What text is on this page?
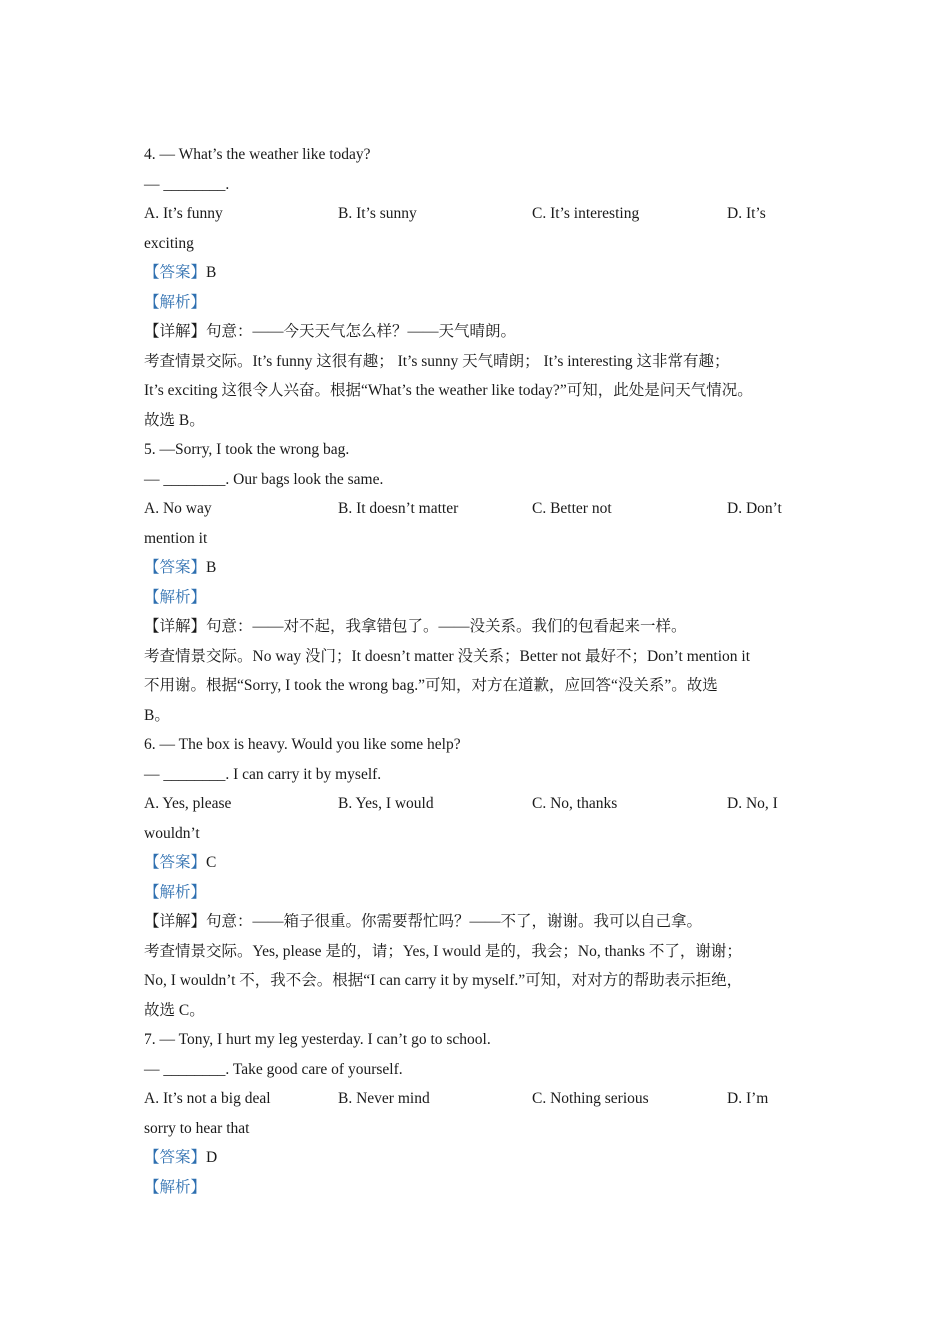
4. — What’s the weather like today?
— ________.
A. It’s funny	B. It’s sunny	C. It’s interesting	D. It’s
exciting
【答案】B
【解析】
【详解】句意：——今天天气怎么样？——天气晴朗。
考查情景交际。It’s funny 这很有趣； It’s sunny 天气晴朗； It’s interesting 这非常有趣；
It’s exciting 这很令人兴奋。根据“What’s the weather like today?”可知，此处是问天气情况。
故选 B。
5. —Sorry, I took the wrong bag.
— ________. Our bags look the same.
A. No way	B. It doesn’t matter	C. Better not	D. Don’t
mention it
【答案】B
【解析】
【详解】句意：——对不起，我拿错包了。——没关系。我们的包看起来一样。
考查情景交际。No way 没门；It doesn’t matter 没关系；Better not 最好不；Don’t mention it
不用谢。根据“Sorry, I took the wrong bag.”可知，对方在道歉，应回答“没关系”。故选
B。
6. — The box is heavy. Would you like some help?
— ________. I can carry it by myself.
A. Yes, please	B. Yes, I would	C. No, thanks	D. No, I
wouldn’t
【答案】C
【解析】
【详解】句意：——箱子很重。你需要帮忙吗？——不了，谢谢。我可以自己拿。
考查情景交际。Yes, please 是的，请；Yes, I would 是的，我会；No, thanks 不了，谢谢；
No, I wouldn’t 不，我不会。根据“I can carry it by myself.”可知，对对方的帮助表示拒绝，
故选 C。
7. — Tony, I hurt my leg yesterday. I can’t go to school.
— ________. Take good care of yourself.
A. It’s not a big deal	B. Never mind	C. Nothing serious	D. I’m
sorry to hear that
【答案】D
【解析】
